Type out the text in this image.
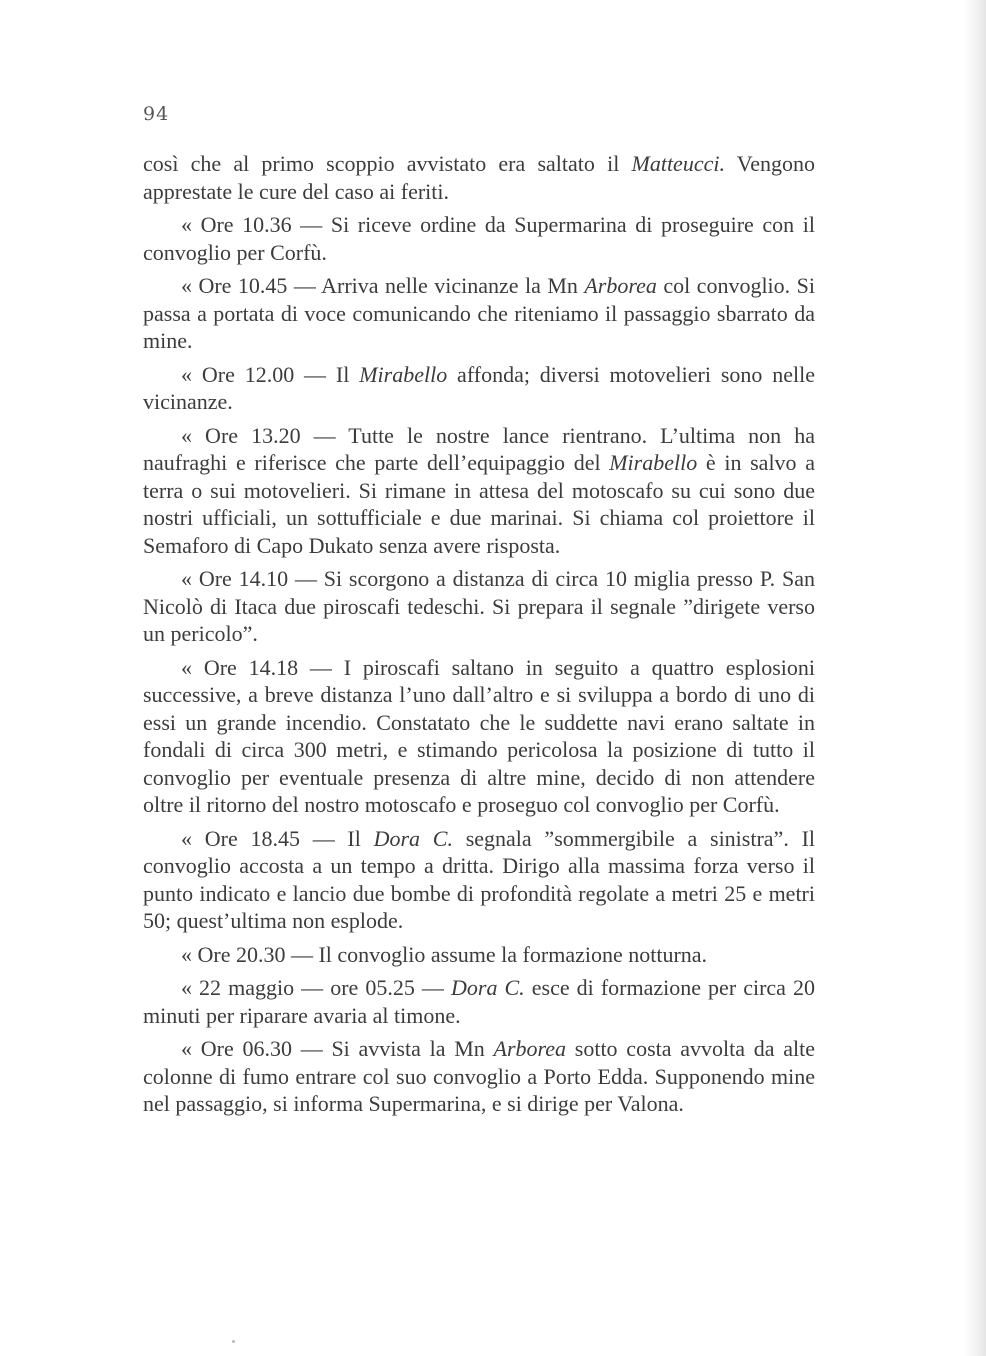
94

così che al primo scoppio avvistato era saltato il Matteucci. Vengono apprestate le cure del caso ai feriti.

« Ore 10.36 — Si riceve ordine da Supermarina di proseguire con il convoglio per Corfù.

« Ore 10.45 — Arriva nelle vicinanze la Mn Arborea col convoglio. Si passa a portata di voce comunicando che riteniamo il passaggio sbarrato da mine.

« Ore 12.00 — Il Mirabello affonda; diversi motovelieri sono nelle vicinanze.

« Ore 13.20 — Tutte le nostre lance rientrano. L’ultima non ha naufraghi e riferisce che parte dell’equipaggio del Mirabello è in salvo a terra o sui motovelieri. Si rimane in attesa del motoscafo su cui sono due nostri ufficiali, un sottufficiale e due marinai. Si chiama col proiettore il Semaforo di Capo Dukato senza avere risposta.

« Ore 14.10 — Si scorgono a distanza di circa 10 miglia presso P. San Nicolò di Itaca due piroscafi tedeschi. Si prepara il segnale ”dirigete verso un pericolo”.

« Ore 14.18 — I piroscafi saltano in seguito a quattro esplosioni successive, a breve distanza l’uno dall’altro e si sviluppa a bordo di uno di essi un grande incendio. Constatato che le suddette navi erano saltate in fondali di circa 300 metri, e stimando pericolosa la posizione di tutto il convoglio per eventuale presenza di altre mine, decido di non attendere oltre il ritorno del nostro motoscafo e proseguo col convoglio per Corfù.

« Ore 18.45 — Il Dora C. segnala ”sommergibile a sinistra”. Il convoglio accosta a un tempo a dritta. Dirigo alla massima forza verso il punto indicato e lancio due bombe di profondità regolate a metri 25 e metri 50; quest’ultima non esplode.

« Ore 20.30 — Il convoglio assume la formazione notturna.

« 22 maggio — ore 05.25 — Dora C. esce di formazione per circa 20 minuti per riparare avaria al timone.

« Ore 06.30 — Si avvista la Mn Arborea sotto costa avvolta da alte colonne di fumo entrare col suo convoglio a Porto Edda. Supponendo mine nel passaggio, si informa Supermarina, e si dirige per Valona.
